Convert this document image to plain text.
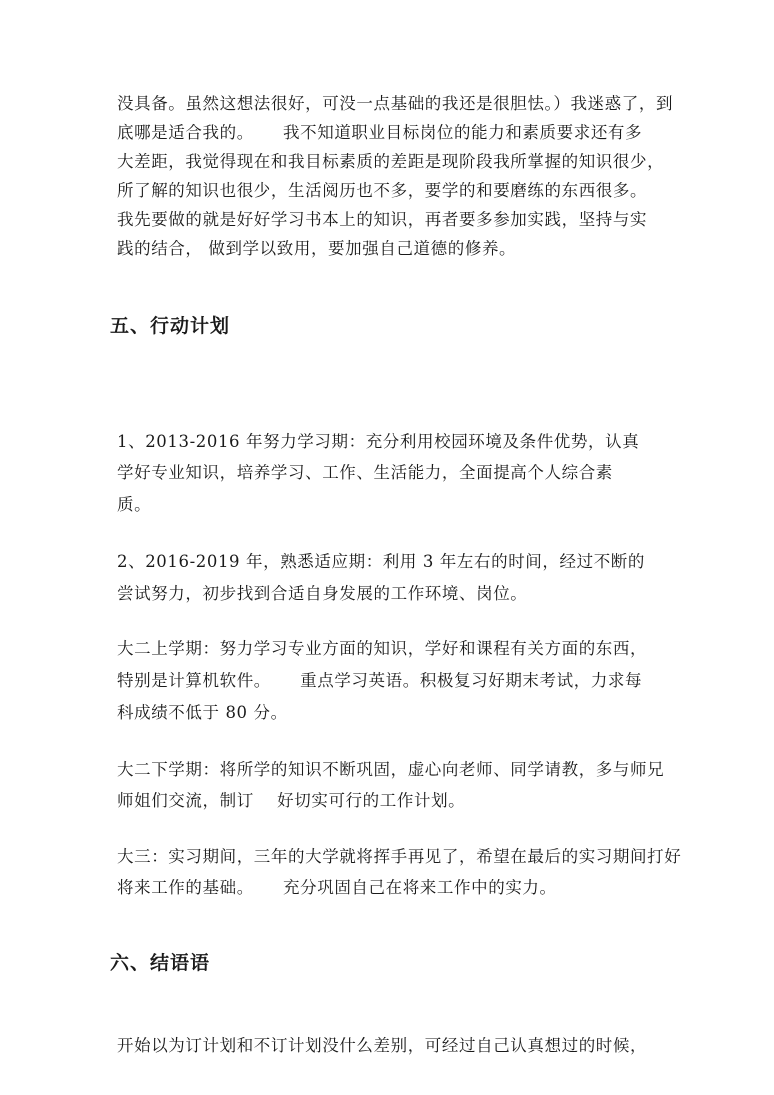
没具备。虽然这想法很好，可没一点基础的我还是很胆怯。）我迷惑了，到
底哪是适合我的。     我不知道职业目标岗位的能力和素质要求还有多
大差距，我觉得现在和我目标素质的差距是现阶段我所掌握的知识很少，
所了解的知识也很少，生活阅历也不多，要学的和要磨练的东西很多。
我先要做的就是好好学习书本上的知识，再者要多参加实践，坚持与实
践的结合， 做到学以致用，要加强自己道德的修养。
五、行动计划
1、2013-2016 年努力学习期：充分利用校园环境及条件优势，认真
学好专业知识，培养学习、工作、生活能力，全面提高个人综合素
质。
2、2016-2019 年，熟悉适应期：利用 3 年左右的时间，经过不断的
尝试努力，初步找到合适自身发展的工作环境、岗位。
大二上学期：努力学习专业方面的知识，学好和课程有关方面的东西，
特别是计算机软件。     重点学习英语。积极复习好期末考试，力求每
科成绩不低于 80 分。
大二下学期：将所学的知识不断巩固，虚心向老师、同学请教，多与师兄
师姐们交流，制订    好切实可行的工作计划。
大三：实习期间，三年的大学就将挥手再见了，希望在最后的实习期间打好
将来工作的基础。     充分巩固自己在将来工作中的实力。
六、结语语
开始以为订计划和不订计划没什么差别，可经过自己认真想过的时候，
